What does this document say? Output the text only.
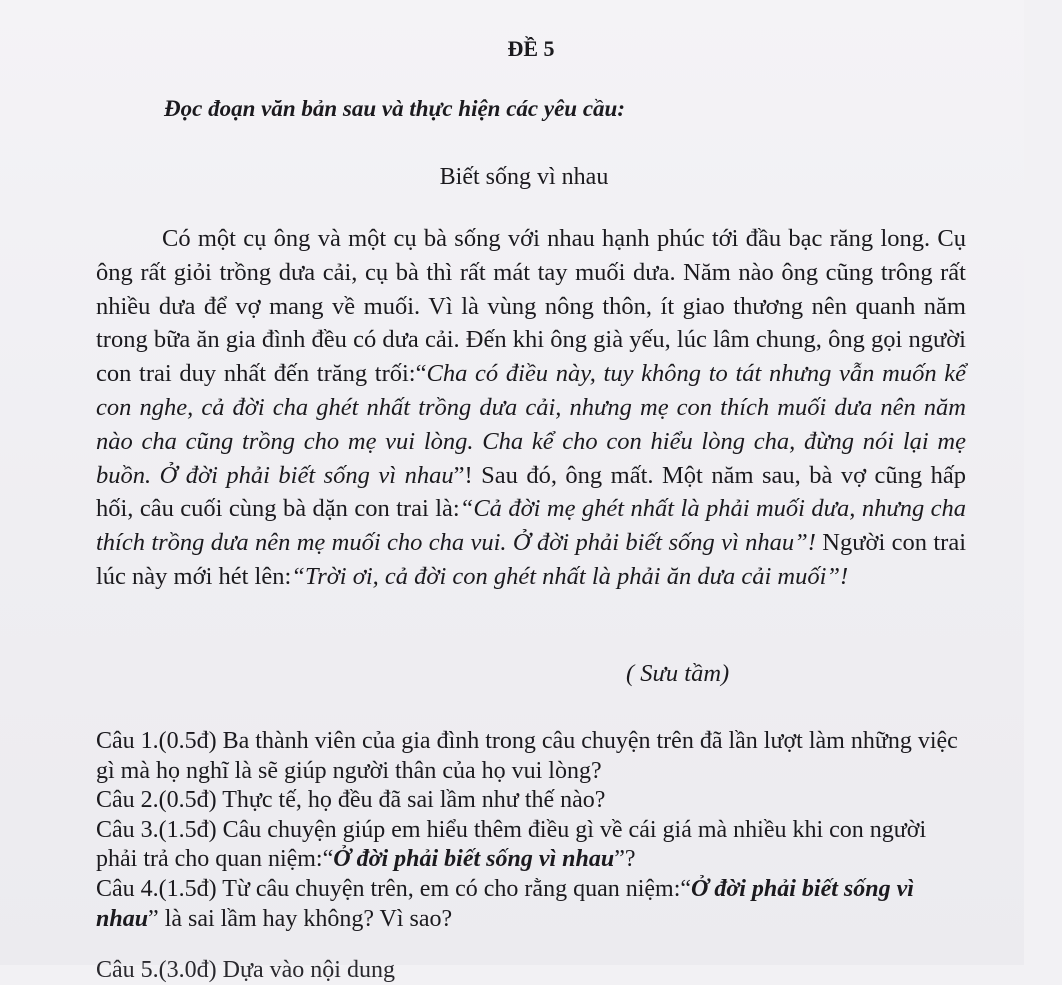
ĐỀ 5
Đọc đoạn văn bản sau và thực hiện các yêu cầu:
Biết sống vì nhau

Có một cụ ông và một cụ bà sống với nhau hạnh phúc tới đầu bạc răng long. Cụ ông rất giỏi trồng dưa cải, cụ bà thì rất mát tay muối dưa. Năm nào ông cũng trông rất nhiều dưa để vợ mang về muối. Vì là vùng nông thôn, ít giao thương nên quanh năm trong bữa ăn gia đình đều có dưa cải. Đến khi ông già yếu, lúc lâm chung, ông gọi người con trai duy nhất đến trăng trối:“Cha có điều này, tuy không to tát nhưng vẫn muốn kể con nghe, cả đời cha ghét nhất trồng dưa cải, nhưng mẹ con thích muối dưa nên năm nào cha cũng trồng cho mẹ vui lòng. Cha kể cho con hiểu lòng cha, đừng nói lại mẹ buồn. Ở đời phải biết sống vì nhau”! Sau đó, ông mất. Một năm sau, bà vợ cũng hấp hối, câu cuối cùng bà dặn con trai là:“Cả đời mẹ ghét nhất là phải muối dưa, nhưng cha thích trồng dưa nên mẹ muối cho cha vui. Ở đời phải biết sống vì nhau”! Người con trai lúc này mới hét lên:“Trời ơi, cả đời con ghét nhất là phải ăn dưa cải muối”!

( Sưu tầm)

Câu 1.(0.5đ) Ba thành viên của gia đình trong câu chuyện trên đã lần lượt làm những việc gì mà họ nghĩ là sẽ giúp người thân của họ vui lòng?

Câu 2.(0.5đ) Thực tế, họ đều đã sai lầm như thế nào?

Câu 3.(1.5đ) Câu chuyện giúp em hiểu thêm điều gì về cái giá mà nhiều khi con người phải trả cho quan niệm:“Ở đời phải biết sống vì nhau”?

Câu 4.(1.5đ) Từ câu chuyện trên, em có cho rằng quan niệm:“Ở đời phải biết sống vì nhau” là sai lầm hay không? Vì sao?

Câu 5.(3.0đ) Dựa vào nội dung
